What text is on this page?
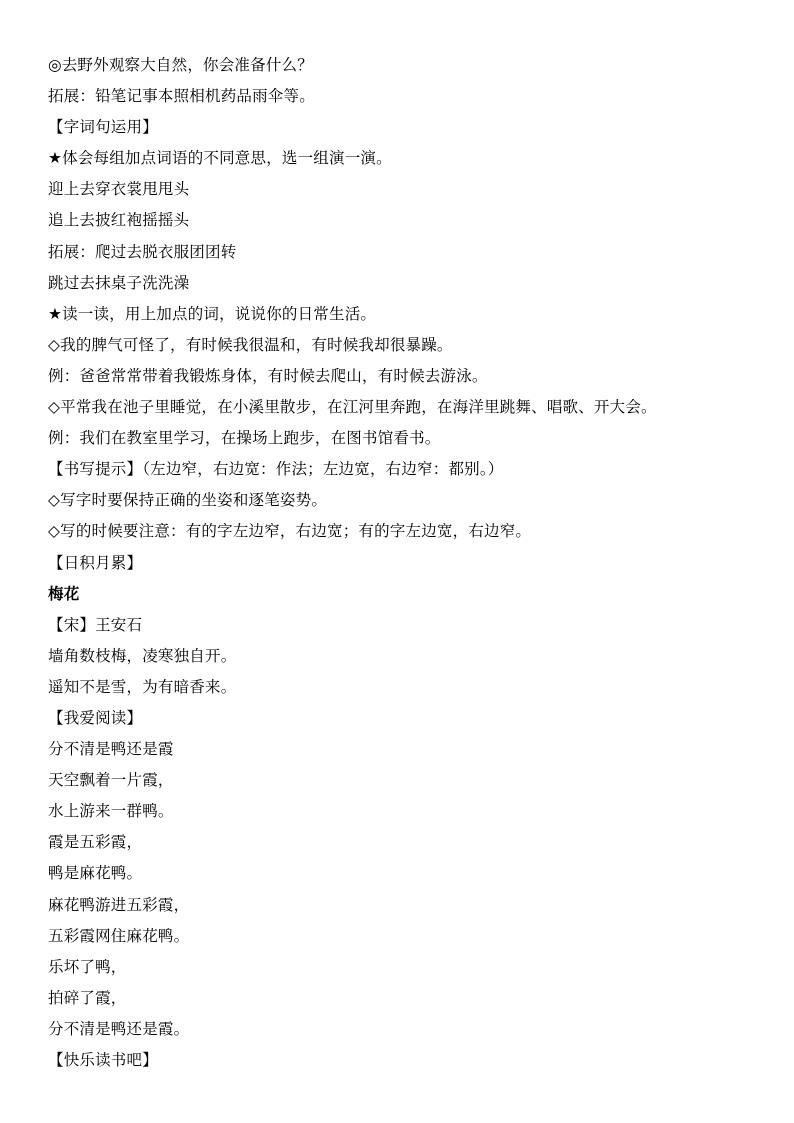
◎去野外观察大自然，你会准备什么？
拓展：铅笔记事本照相机药品雨伞等。
【字词句运用】
★体会每组加点词语的不同意思，选一组演一演。
迎上去穿衣裳甩甩头
追上去披红袍摇摇头
拓展：爬过去脱衣服团团转
跳过去抹桌子洗洗澡
★读一读，用上加点的词，说说你的日常生活。
◇我的脾气可怪了，有时候我很温和，有时候我却很暴躁。
例：爸爸常常带着我锻炼身体，有时候去爬山，有时候去游泳。
◇平常我在池子里睡觉，在小溪里散步，在江河里奔跑，在海洋里跳舞、唱歌、开大会。
例：我们在教室里学习，在操场上跑步，在图书馆看书。
【书写提示】（左边窄，右边宽：作法；左边宽，右边窄：都别。）
◇写字时要保持正确的坐姿和逐笔姿势。
◇写的时候要注意：有的字左边窄，右边宽；有的字左边宽，右边窄。
【日积月累】
梅花
【宋】王安石
墙角数枝梅，凌寒独自开。
遥知不是雪，为有暗香来。
【我爱阅读】
分不清是鸭还是霞
天空飘着一片霞，
水上游来一群鸭。
霞是五彩霞，
鸭是麻花鸭。
麻花鸭游进五彩霞，
五彩霞网住麻花鸭。
乐坏了鸭，
拍碎了霞，
分不清是鸭还是霞。
【快乐读书吧】
